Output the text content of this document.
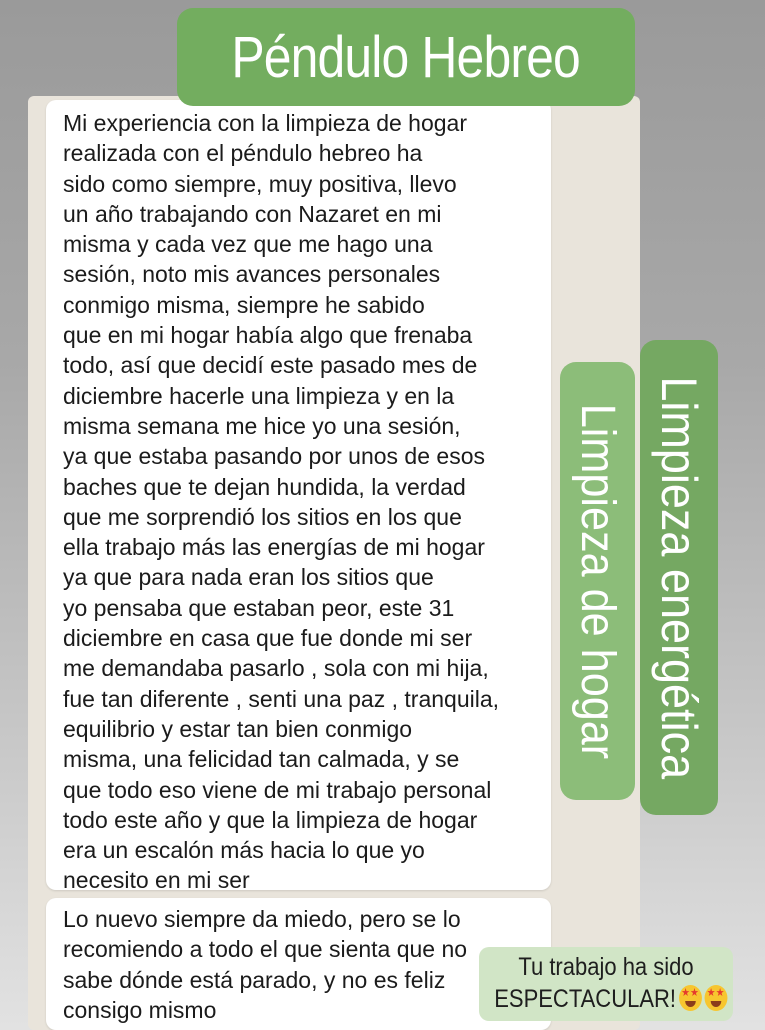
Mi experiencia con la limpieza de hogar
realizada con el péndulo hebreo ha
sido como siempre, muy positiva, llevo
un año trabajando con Nazaret en mi
misma y cada vez que me hago una
sesión, noto mis avances personales
conmigo misma, siempre he sabido
que en mi hogar había algo que frenaba
todo, así que decidí este pasado mes de
diciembre hacerle una limpieza y en la
misma semana me hice yo una sesión,
ya que estaba pasando por unos de esos
baches que te dejan hundida, la verdad
que me sorprendió los sitios en los que
ella trabajo más las energías de mi hogar
ya que para nada eran los sitios que
yo pensaba que estaban peor, este 31
diciembre en casa que fue donde mi ser
me demandaba pasarlo , sola con mi hija,
fue tan diferente , senti una paz , tranquila,
equilibrio y estar tan bien conmigo
misma, una felicidad tan calmada, y se
que todo eso viene de mi trabajo personal
todo este año y que la limpieza de hogar
era un escalón más hacia lo que yo
necesito en mi ser
Lo nuevo siempre da miedo, pero se lo
recomiendo a todo el que sienta que no
sabe dónde está parado, y no es feliz
consigo mismo
Limpieza de hogar Limpieza energética
Péndulo Hebreo
Tu trabajo ha sido
ESPECTACULAR!★
★★
★
